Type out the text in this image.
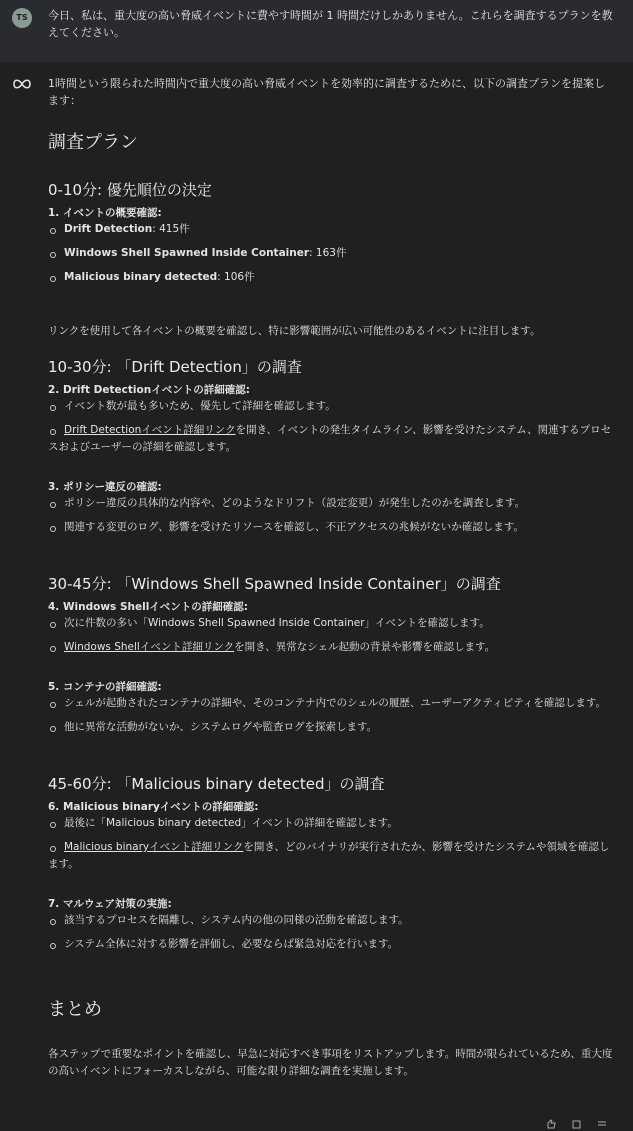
TS	今日、私は、重大度の高い脅威イベントに費やす時間が 1 時間だけしかありません。これらを調査するプランを教えてください。

1時間という限られた時間内で重大度の高い脅威イベントを効率的に調査するために、以下の調査プランを提案します：

調査プラン
0-10分: 優先順位の決定

1. イベントの概要確認:

Drift Detection: 415件
Windows Shell Spawned Inside Container: 163件
Malicious binary detected: 106件

リンクを使用して各イベントの概要を確認し、特に影響範囲が広い可能性のあるイベントに注目します。

10-30分: 「Drift Detection」の調査

2. Drift Detectionイベントの詳細確認:

イベント数が最も多いため、優先して詳細を確認します。
Drift Detectionイベント詳細リンクを開き、イベントの発生タイムライン、影響を受けたシステム、関連するプロセスおよびユーザーの詳細を確認します。

3. ポリシー違反の確認:

ポリシー違反の具体的な内容や、どのようなドリフト（設定変更）が発生したのかを調査します。
関連する変更のログ、影響を受けたリソースを確認し、不正アクセスの兆候がないか確認します。
30-45分: 「Windows Shell Spawned Inside Container」の調査

4. Windows Shellイベントの詳細確認:

次に件数の多い「Windows Shell Spawned Inside Container」イベントを確認します。
Windows Shellイベント詳細リンクを開き、異常なシェル起動の背景や影響を確認します。

5. コンテナの詳細確認:

シェルが起動されたコンテナの詳細や、そのコンテナ内でのシェルの履歴、ユーザーアクティビティを確認します。
他に異常な活動がないか、システムログや監査ログを探索します。
45-60分: 「Malicious binary detected」の調査

6. Malicious binaryイベントの詳細確認:

最後に「Malicious binary detected」イベントの詳細を確認します。
Malicious binaryイベント詳細リンクを開き、どのバイナリが実行されたか、影響を受けたシステムや領域を確認します。

7. マルウェア対策の実施:

該当するプロセスを隔離し、システム内の他の同様の活動を確認します。
システム全体に対する影響を評価し、必要ならば緊急対応を行います。
まとめ

各ステップで重要なポイントを確認し、早急に対応すべき事項をリストアップします。時間が限られているため、重大度の高いイベントにフォーカスしながら、可能な限り詳細な調査を実施します。
